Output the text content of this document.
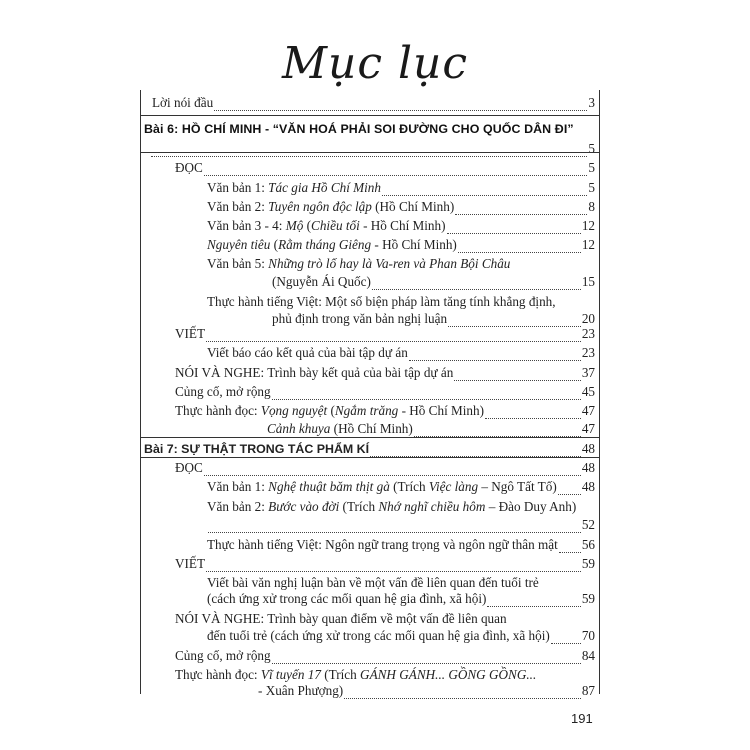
Mục lục
Lời nói đầu	3
Bài 6: HỒ CHÍ MINH - “VĂN HOÁ PHẢI SOI ĐƯỜNG CHO QUỐC DÂN ĐI”
5
ĐỌC	5
Văn bản 1: Tác gia Hồ Chí Minh	5
Văn bản 2: Tuyên ngôn độc lập (Hồ Chí Minh)	8
Văn bản 3 - 4: Mộ (Chiều tối - Hồ Chí Minh)	12
Nguyên tiêu (Rằm tháng Giêng - Hồ Chí Minh)	12
Văn bản 5: Những trò lố hay là Va-ren và Phan Bội Châu
(Nguyễn Ái Quốc)	15
Thực hành tiếng Việt: Một số biện pháp làm tăng tính khẳng định,
phủ định trong văn bản nghị luận	20
VIẾT	23
Viết báo cáo kết quả của bài tập dự án	23
NÓI VÀ NGHE: Trình bày kết quả của bài tập dự án	37
Củng cố, mở rộng	45
Thực hành đọc: Vọng nguyệt (Ngắm trăng - Hồ Chí Minh)	47
Cảnh khuya (Hồ Chí Minh)	47
Bài 7: SỰ THẬT TRONG TÁC PHẨM KÍ	48
ĐỌC	48
Văn bản 1: Nghệ thuật băm thịt gà (Trích Việc làng – Ngô Tất Tố) 48
Văn bản 2: Bước vào đời (Trích Nhớ nghĩ chiều hôm – Đào Duy Anh)
52
Thực hành tiếng Việt: Ngôn ngữ trang trọng và ngôn ngữ thân mật 56
VIẾT	59
Viết bài văn nghị luận bàn về một vấn đề liên quan đến tuổi trẻ
(cách ứng xử trong các mối quan hệ gia đình, xã hội)	59
NÓI VÀ NGHE: Trình bày quan điểm về một vấn đề liên quan
đến tuổi trẻ (cách ứng xử trong các mối quan hệ gia đình, xã hội) 70
Củng cố, mở rộng	84
Thực hành đọc: Vĩ tuyến 17 (Trích GÁNH GÁNH... GỒNG GỒNG...
- Xuân Phượng)	87
191
